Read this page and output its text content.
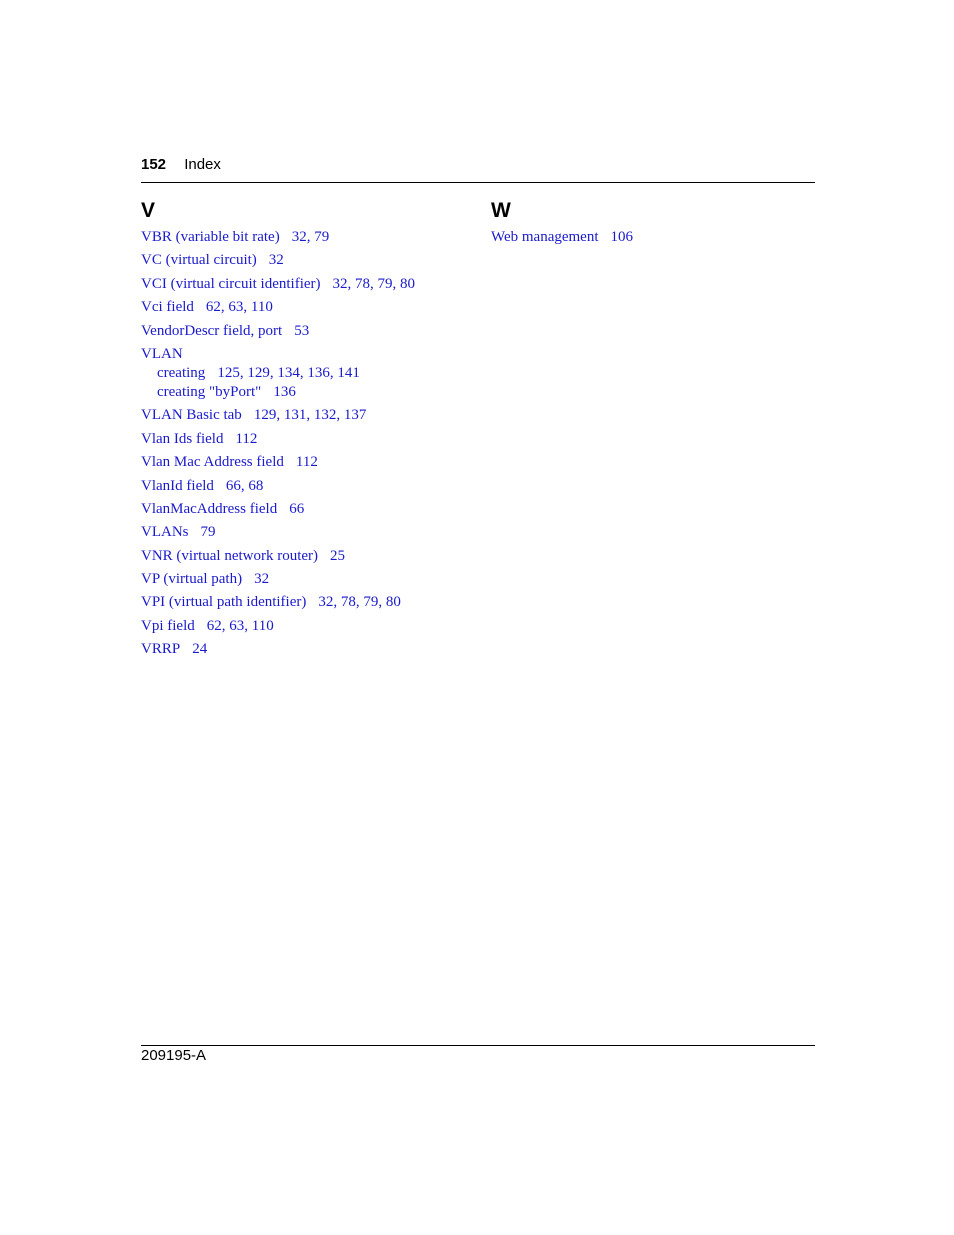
152 Index
V
VBR (variable bit rate) 32, 79
VC (virtual circuit) 32
VCI (virtual circuit identifier) 32, 78, 79, 80
Vci field 62, 63, 110
VendorDescr field, port 53
VLAN
creating 125, 129, 134, 136, 141
creating "byPort" 136
VLAN Basic tab 129, 131, 132, 137
Vlan Ids field 112
Vlan Mac Address field 112
VlanId field 66, 68
VlanMacAddress field 66
VLANs 79
VNR (virtual network router) 25
VP (virtual path) 32
VPI (virtual path identifier) 32, 78, 79, 80
Vpi field 62, 63, 110
VRRP 24
W
Web management 106
209195-A
